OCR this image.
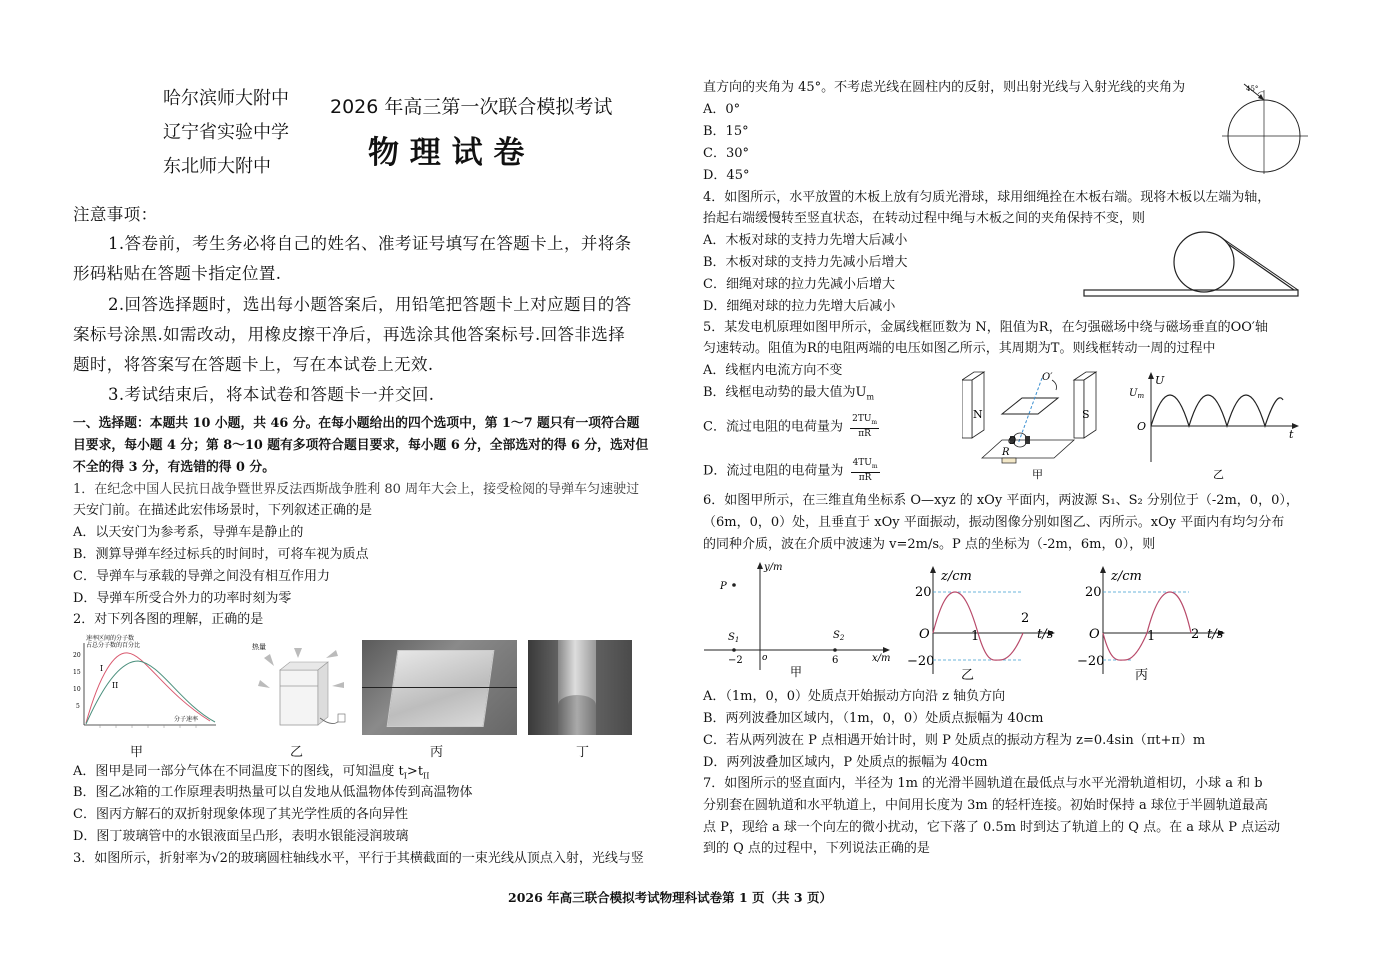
哈尔滨师大附中
辽宁省实验中学
东北师大附中
2026 年高三第一次联合模拟考试
物 理 试 卷
注意事项：
1.答卷前，考生务必将自己的姓名、准考证号填写在答题卡上，并将条
形码粘贴在答题卡指定位置.
2.回答选择题时，选出每小题答案后，用铅笔把答题卡上对应题目的答
案标号涂黑.如需改动，用橡皮擦干净后，再选涂其他答案标号.回答非选择
题时，将答案写在答题卡上，写在本试卷上无效.
3.考试结束后，将本试卷和答题卡一并交回.
一、选择题：本题共 10 小题，共 46 分。在每小题给出的四个选项中，第 1～7 题只有一项符合题
目要求，每小题 4 分；第 8～10 题有多项符合题目要求，每小题 6 分，全部选对的得 6 分，选对但
不全的得 3 分，有选错的得 0 分。
1．在纪念中国人民抗日战争暨世界反法西斯战争胜利 80 周年大会上，接受检阅的导弹车匀速驶过
天安门前。在描述此宏伟场景时，下列叙述正确的是
A．以天安门为参考系，导弹车是静止的
B．测算导弹车经过标兵的时间时，可将车视为质点
C．导弹车与承载的导弹之间没有相互作用力
D．导弹车所受合外力的功率时刻为零
2．对下列各图的理解，正确的是
速率区间的分子数
占总分子数的百分比
20
15
10
5
I
II
分子速率
热量
甲	乙	丙	丁
A．图甲是同一部分气体在不同温度下的图线，可知温度 $t_I>t_{II}$
B．图乙冰箱的工作原理表明热量可以自发地从低温物体传到高温物体
C．图丙方解石的双折射现象体现了其光学性质的各向异性
D．图丁玻璃管中的水银液面呈凸形，表明水银能浸润玻璃
3．如图所示，折射率为√2的玻璃圆柱轴线水平，平行于其横截面的一束光线从顶点入射，光线与竖
直方向的夹角为 45°。不考虑光线在圆柱内的反射，则出射光线与入射光线的夹角为
A．0°
B．15°
C．30°
D．45°
45°
4．如图所示，水平放置的木板上放有匀质光滑球，球用细绳拴在木板右端。现将木板以左端为轴，
抬起右端缓慢转至竖直状态，在转动过程中绳与木板之间的夹角保持不变，则
A．木板对球的支持力先增大后减小
B．木板对球的支持力先减小后增大
C．细绳对球的拉力先减小后增大
D．细绳对球的拉力先增大后减小
5．某发电机原理如图甲所示，金属线框匝数为 N，阻值为R，在匀强磁场中绕与磁场垂直的OO′轴
匀速转动。阻值为R的电阻两端的电压如图乙所示，其周期为T。则线框转动一周的过程中
A．线框内电流方向不变
B．线框电动势的最大值为$U_m$
C．流过电阻的电荷量为
$2TU_m$
πR
D．流过电阻的电荷量为
$4TU_m$
πR
N	S
O′
O
R
甲
U
$U_m$
O
t
乙
6．如图甲所示，在三维直角坐标系 O—xyz 的 xOy 平面内，两波源 S₁、S₂ 分别位于（-2m，0，0），
（6m，0，0）处，且垂直于 xOy 平面振动，振动图像分别如图乙、丙所示。xOy 平面内有均匀分布
的同种介质，波在介质中波速为 v=2m/s。P 点的坐标为（-2m，6m，0），则
y/m
x/m
P
$S_1$	$S_2$
−2	6
o
甲
z/cm
t/s
20
−20
O	1
2
乙
z/cm
t/s
20
−20
O	1	2
丙
A．（1m，0，0）处质点开始振动方向沿 z 轴负方向
B．两列波叠加区域内，（1m，0，0）处质点振幅为 40cm
C．若从两列波在 P 点相遇开始计时，则 P 处质点的振动方程为 z=0.4sin（πt+π）m
D．两列波叠加区域内，P 处质点的振幅为 40cm
7．如图所示的竖直面内，半径为 1m 的光滑半圆轨道在最低点与水平光滑轨道相切，小球 a 和 b
分别套在圆轨道和水平轨道上，中间用长度为 3m 的轻杆连接。初始时保持 a 球位于半圆轨道最高
点 P，现给 a 球一个向左的微小扰动，它下落了 0.5m 时到达了轨道上的 Q 点。在 a 球从 P 点运动
到的 Q 点的过程中，下列说法正确的是
2026 年高三联合模拟考试物理科试卷第 1 页（共 3 页）
